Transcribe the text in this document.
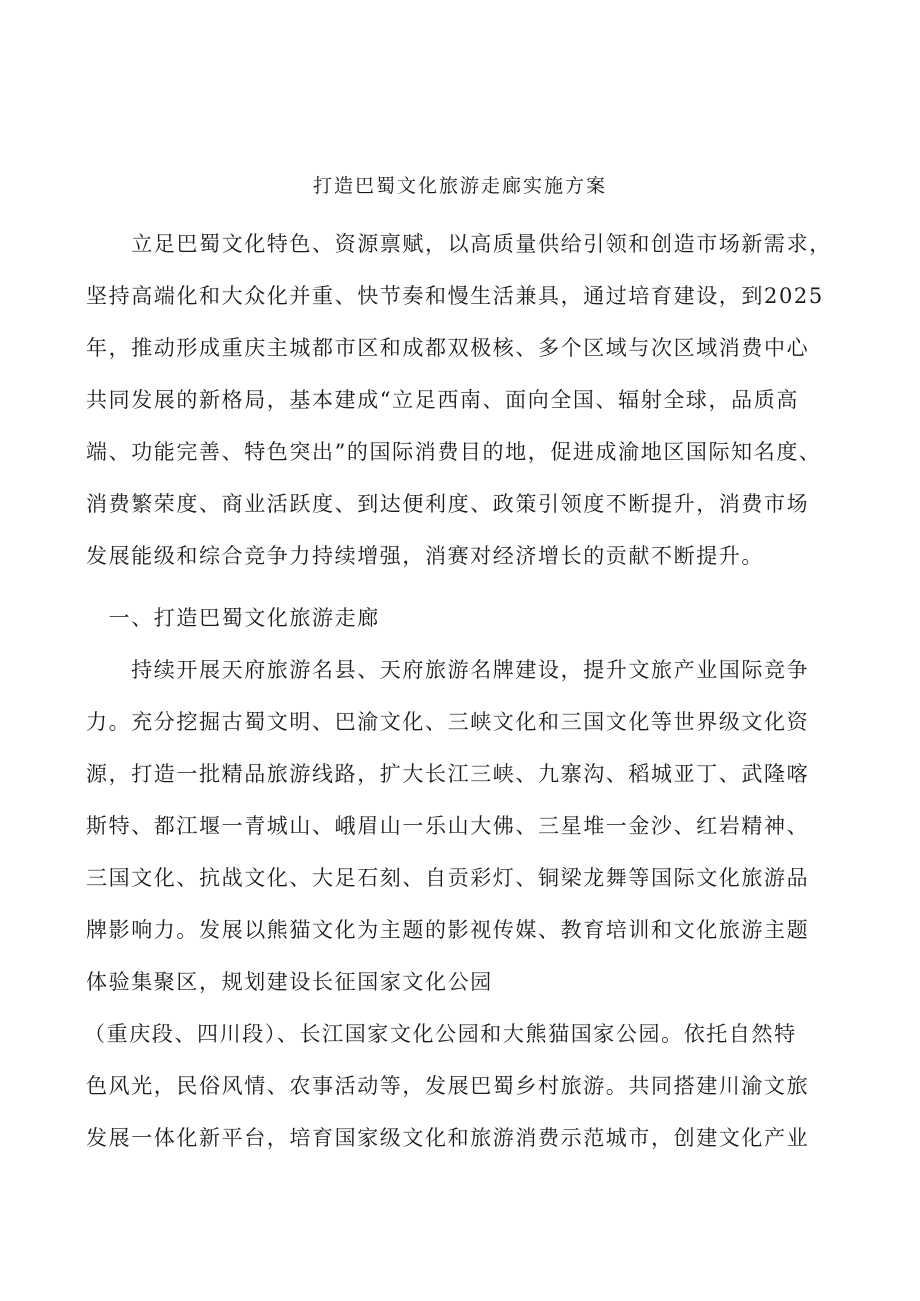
打造巴蜀文化旅游走廊实施方案
　　立足巴蜀文化特色、资源禀赋，以高质量供给引领和创造市场新需求，
坚持高端化和大众化并重、快节奏和慢生活兼具，通过培育建设，到2025
年，推动形成重庆主城都市区和成都双极核、多个区域与次区域消费中心
共同发展的新格局，基本建成“立足西南、面向全国、辐射全球，品质高
端、功能完善、特色突出”的国际消费目的地，促进成渝地区国际知名度、
消费繁荣度、商业活跃度、到达便利度、政策引领度不断提升，消费市场
发展能级和综合竞争力持续增强，消赛对经济增长的贡献不断提升。
　一、打造巴蜀文化旅游走廊
　　持续开展天府旅游名县、天府旅游名牌建设，提升文旅产业国际竞争
力。充分挖掘古蜀文明、巴渝文化、三峡文化和三国文化等世界级文化资
源，打造一批精品旅游线路，扩大长江三峡、九寨沟、稻城亚丁、武隆喀
斯特、都江堰一青城山、峨眉山一乐山大佛、三星堆一金沙、红岩精神、
三国文化、抗战文化、大足石刻、自贡彩灯、铜梁龙舞等国际文化旅游品
牌影响力。发展以熊猫文化为主题的影视传媒、教育培训和文化旅游主题
体验集聚区，规划建设长征国家文化公园
（重庆段、四川段）、长江国家文化公园和大熊猫国家公园。依托自然特
色风光，民俗风情、农事活动等，发展巴蜀乡村旅游。共同搭建川渝文旅
发展一体化新平台，培育国家级文化和旅游消费示范城市，创建文化产业
